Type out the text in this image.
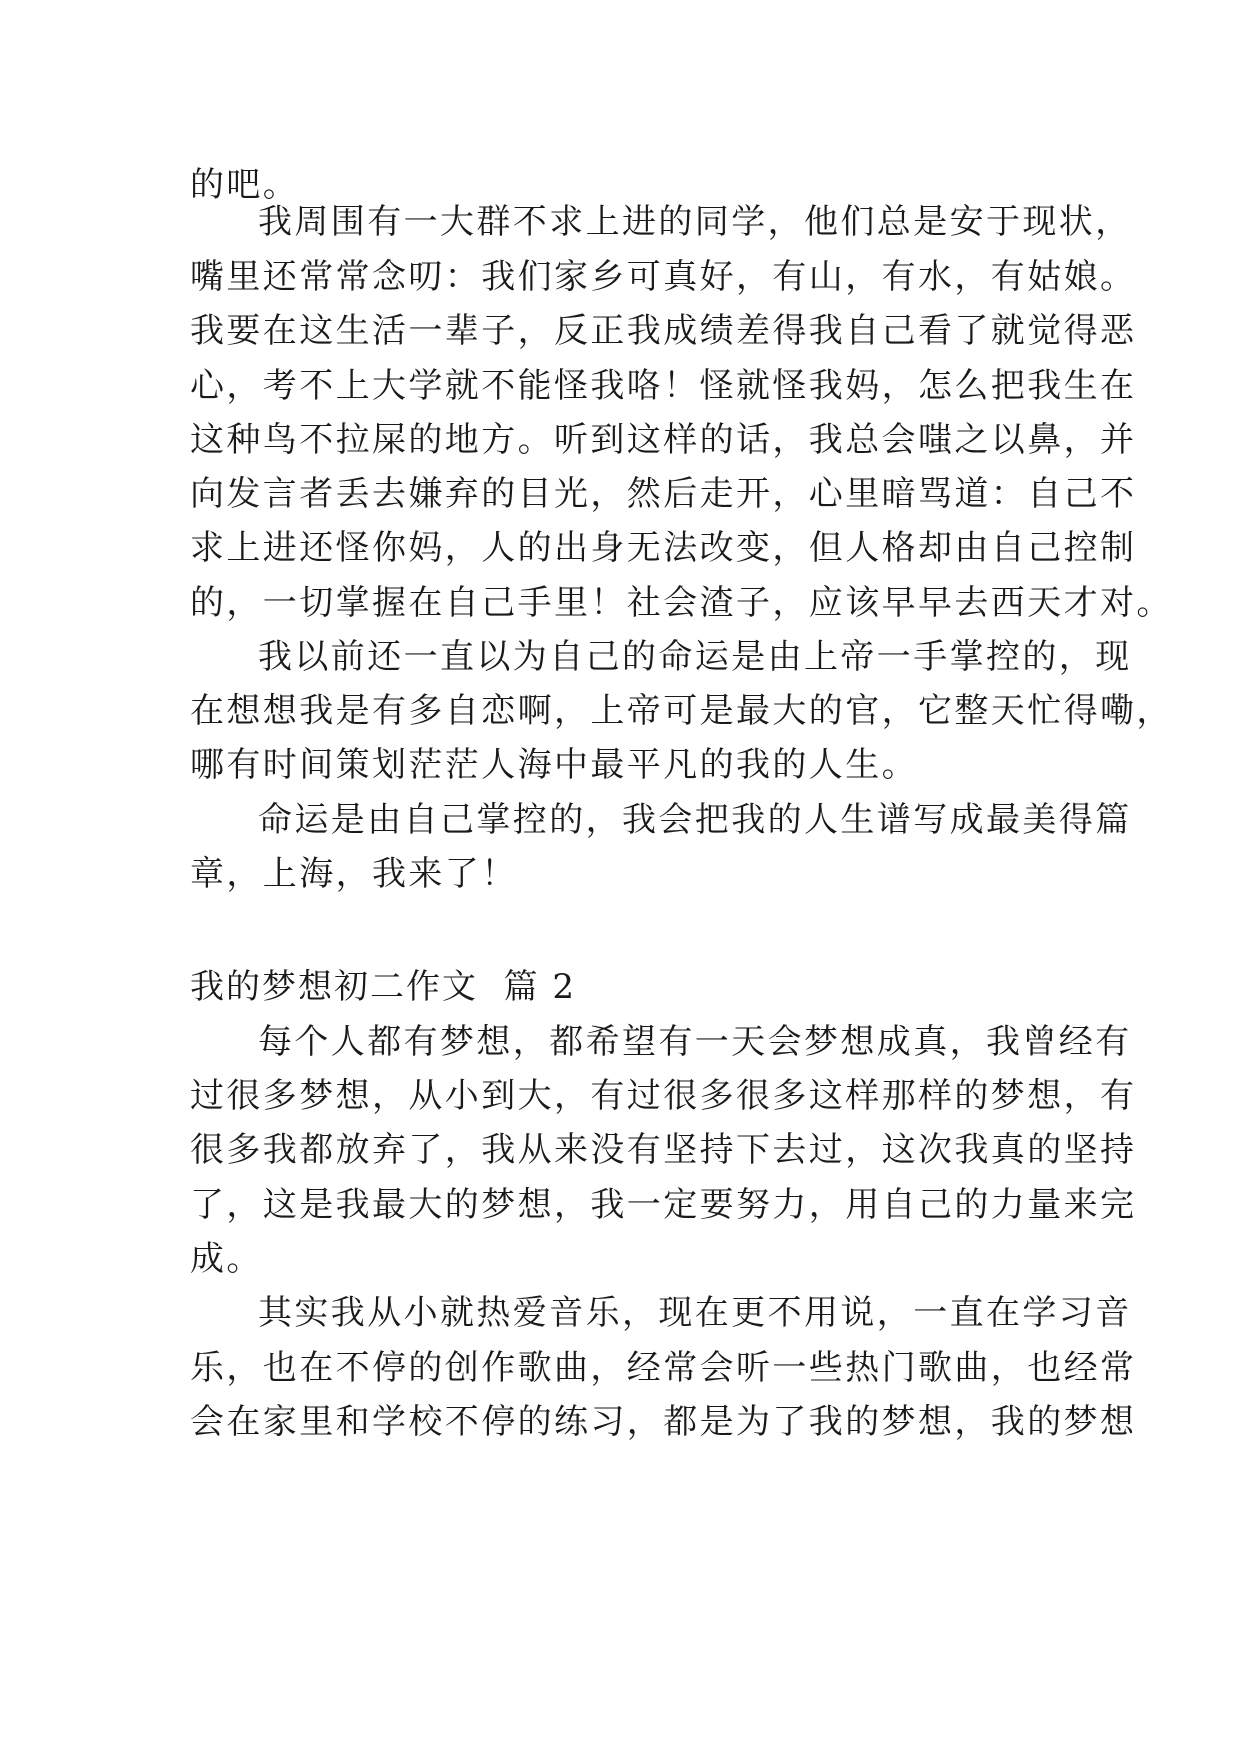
的吧。
我周围有一大群不求上进的同学，他们总是安于现状，
嘴里还常常念叨：我们家乡可真好，有山，有水，有姑娘。
我要在这生活一辈子，反正我成绩差得我自己看了就觉得恶
心，考不上大学就不能怪我咯！怪就怪我妈，怎么把我生在
这种鸟不拉屎的地方。听到这样的话，我总会嗤之以鼻，并
向发言者丢去嫌弃的目光，然后走开，心里暗骂道：自己不
求上进还怪你妈，人的出身无法改变，但人格却由自己控制
的，一切掌握在自己手里！社会渣子，应该早早去西天才对。
我以前还一直以为自己的命运是由上帝一手掌控的，现
在想想我是有多自恋啊，上帝可是最大的官，它整天忙得嘞，
哪有时间策划茫茫人海中最平凡的我的人生。
命运是由自己掌控的，我会把我的人生谱写成最美得篇
章，上海，我来了！
我的梦想初二作文  篇 2
每个人都有梦想，都希望有一天会梦想成真，我曾经有
过很多梦想，从小到大，有过很多很多这样那样的梦想，有
很多我都放弃了，我从来没有坚持下去过，这次我真的坚持
了，这是我最大的梦想，我一定要努力，用自己的力量来完
成。
其实我从小就热爱音乐，现在更不用说，一直在学习音
乐，也在不停的创作歌曲，经常会听一些热门歌曲，也经常
会在家里和学校不停的练习，都是为了我的梦想，我的梦想
